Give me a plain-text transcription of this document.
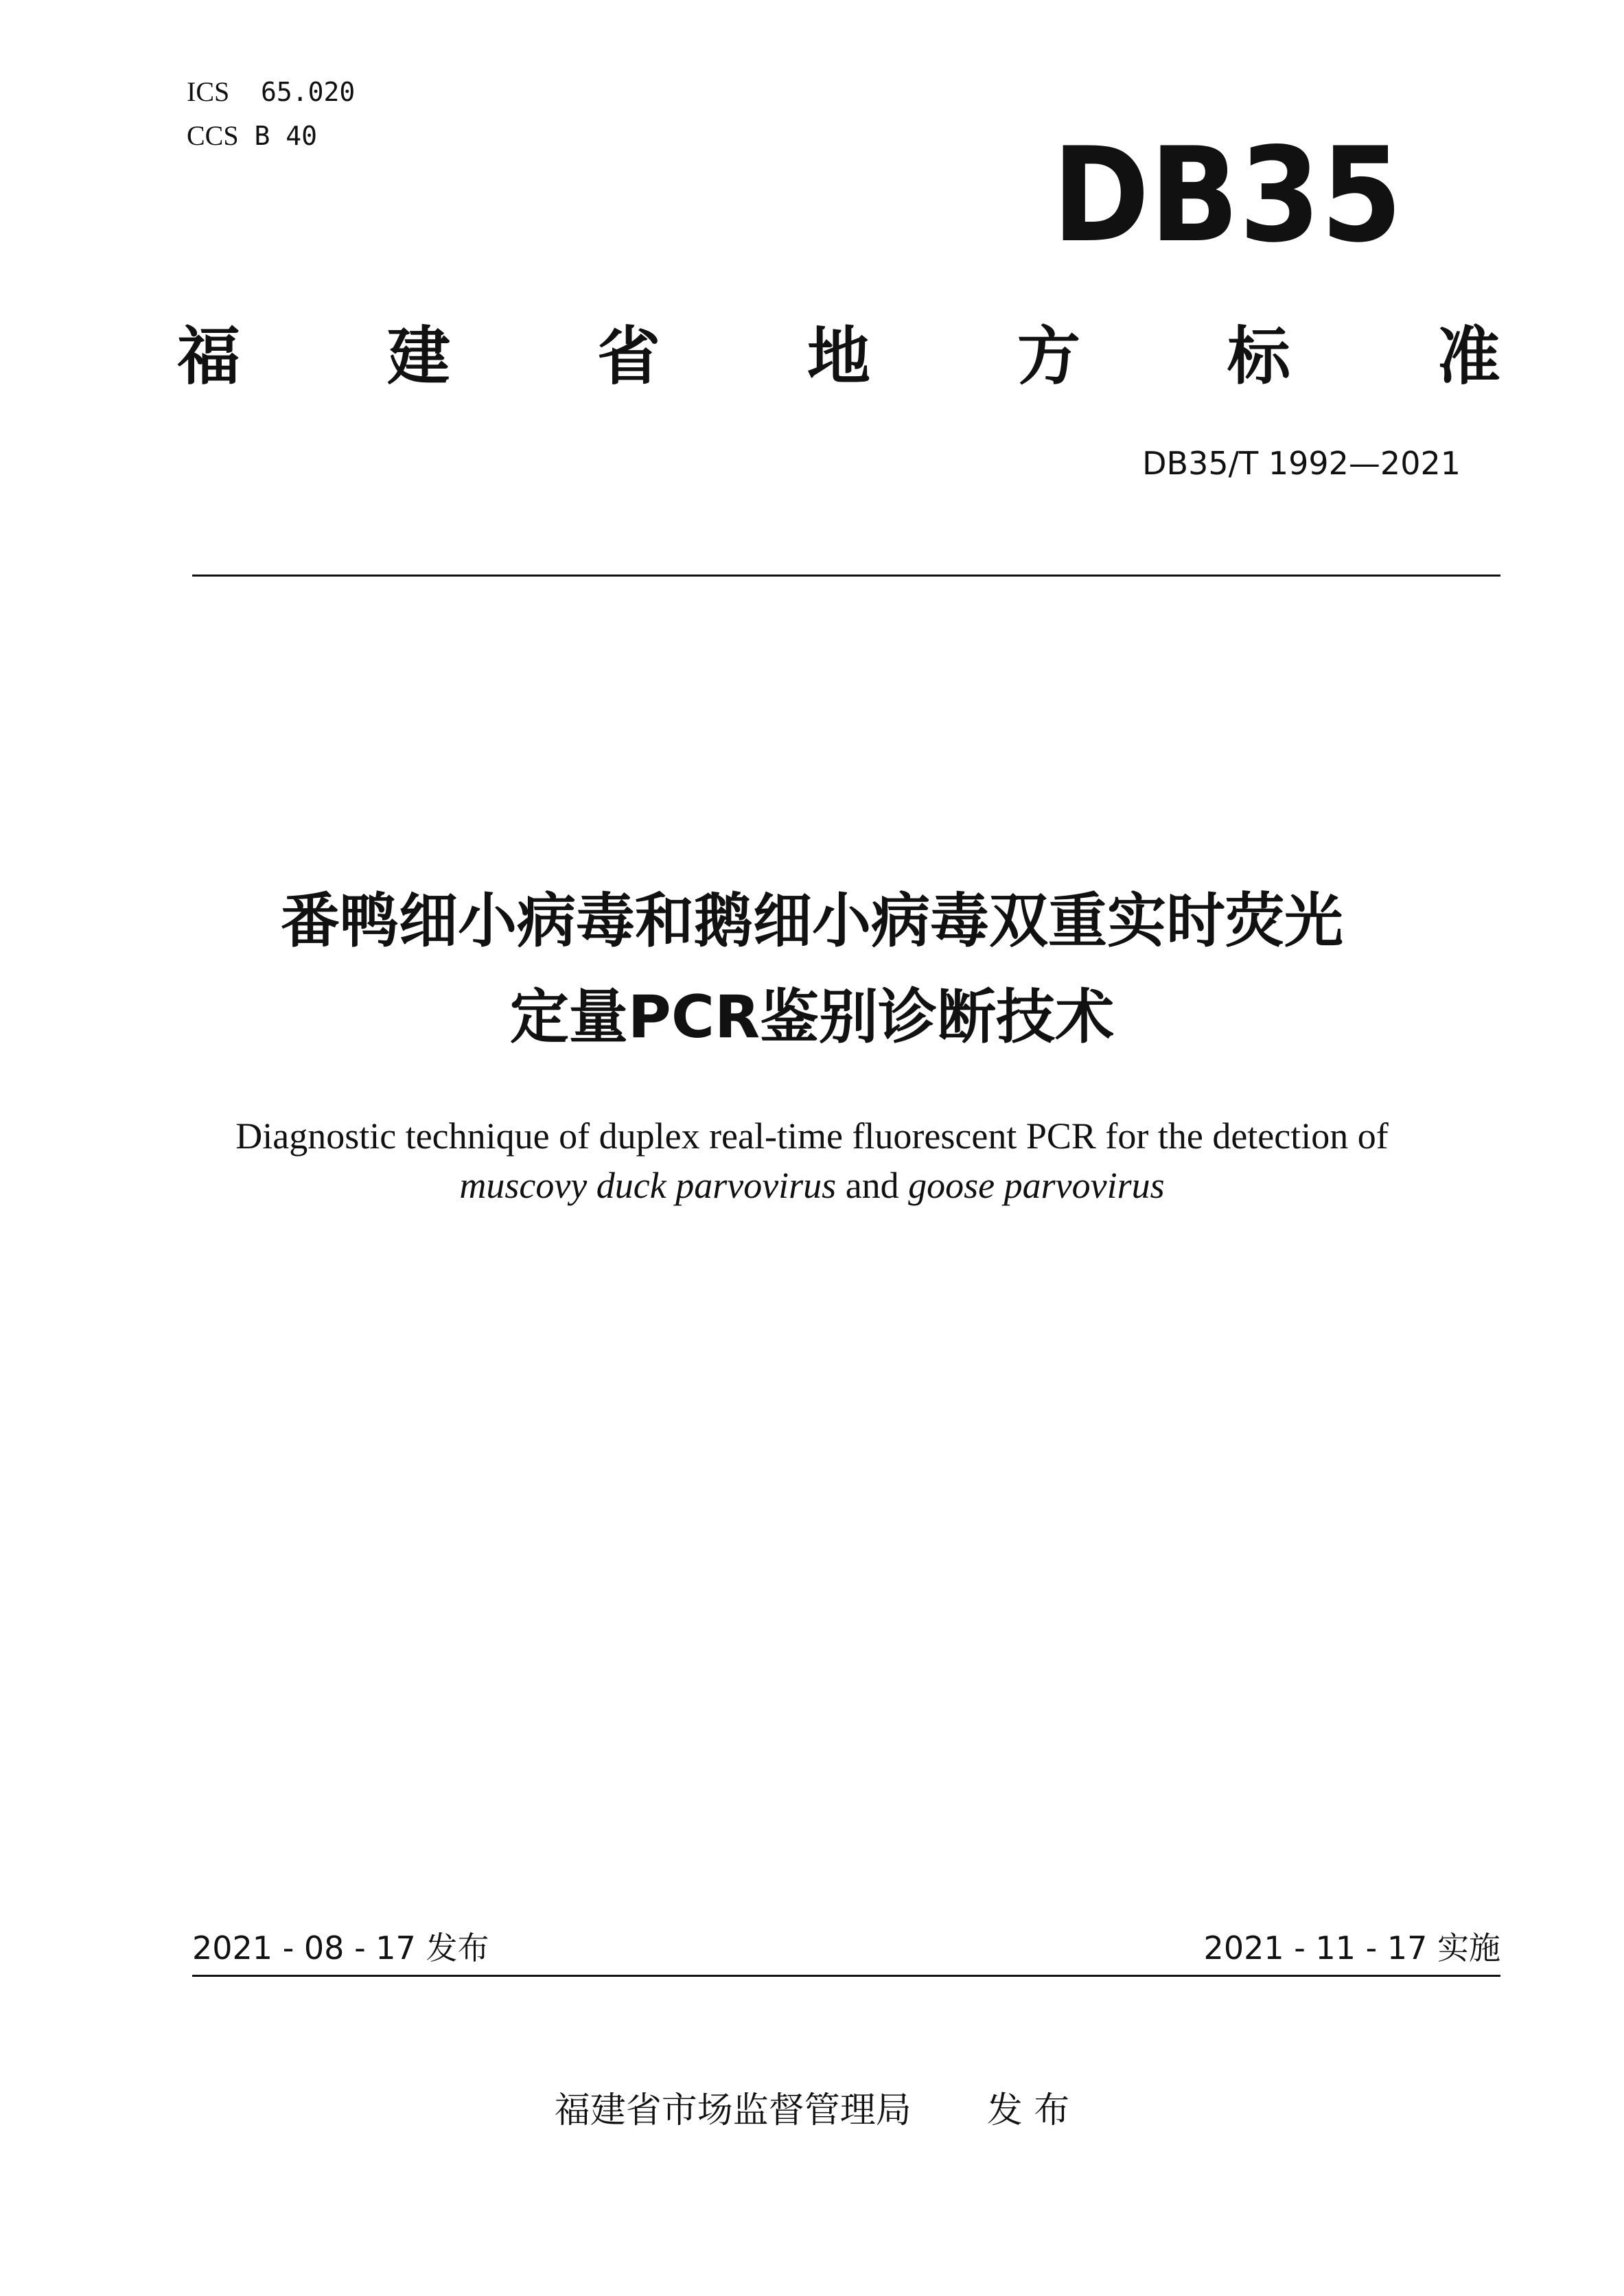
ICS 65.020
CCS B 40	DB35
福 建 省 地 方 标 准
DB35/T 1992—2021
番鸭细小病毒和鹅细小病毒双重实时荧光
定量PCR鉴别诊断技术
Diagnostic technique of duplex real-time fluorescent PCR for the detection of
muscovy duck parvovirus and goose parvovirus
2021 - 08 - 17 发布	2021 - 11 - 17 实施
福建省市场监督管理局 发 布
